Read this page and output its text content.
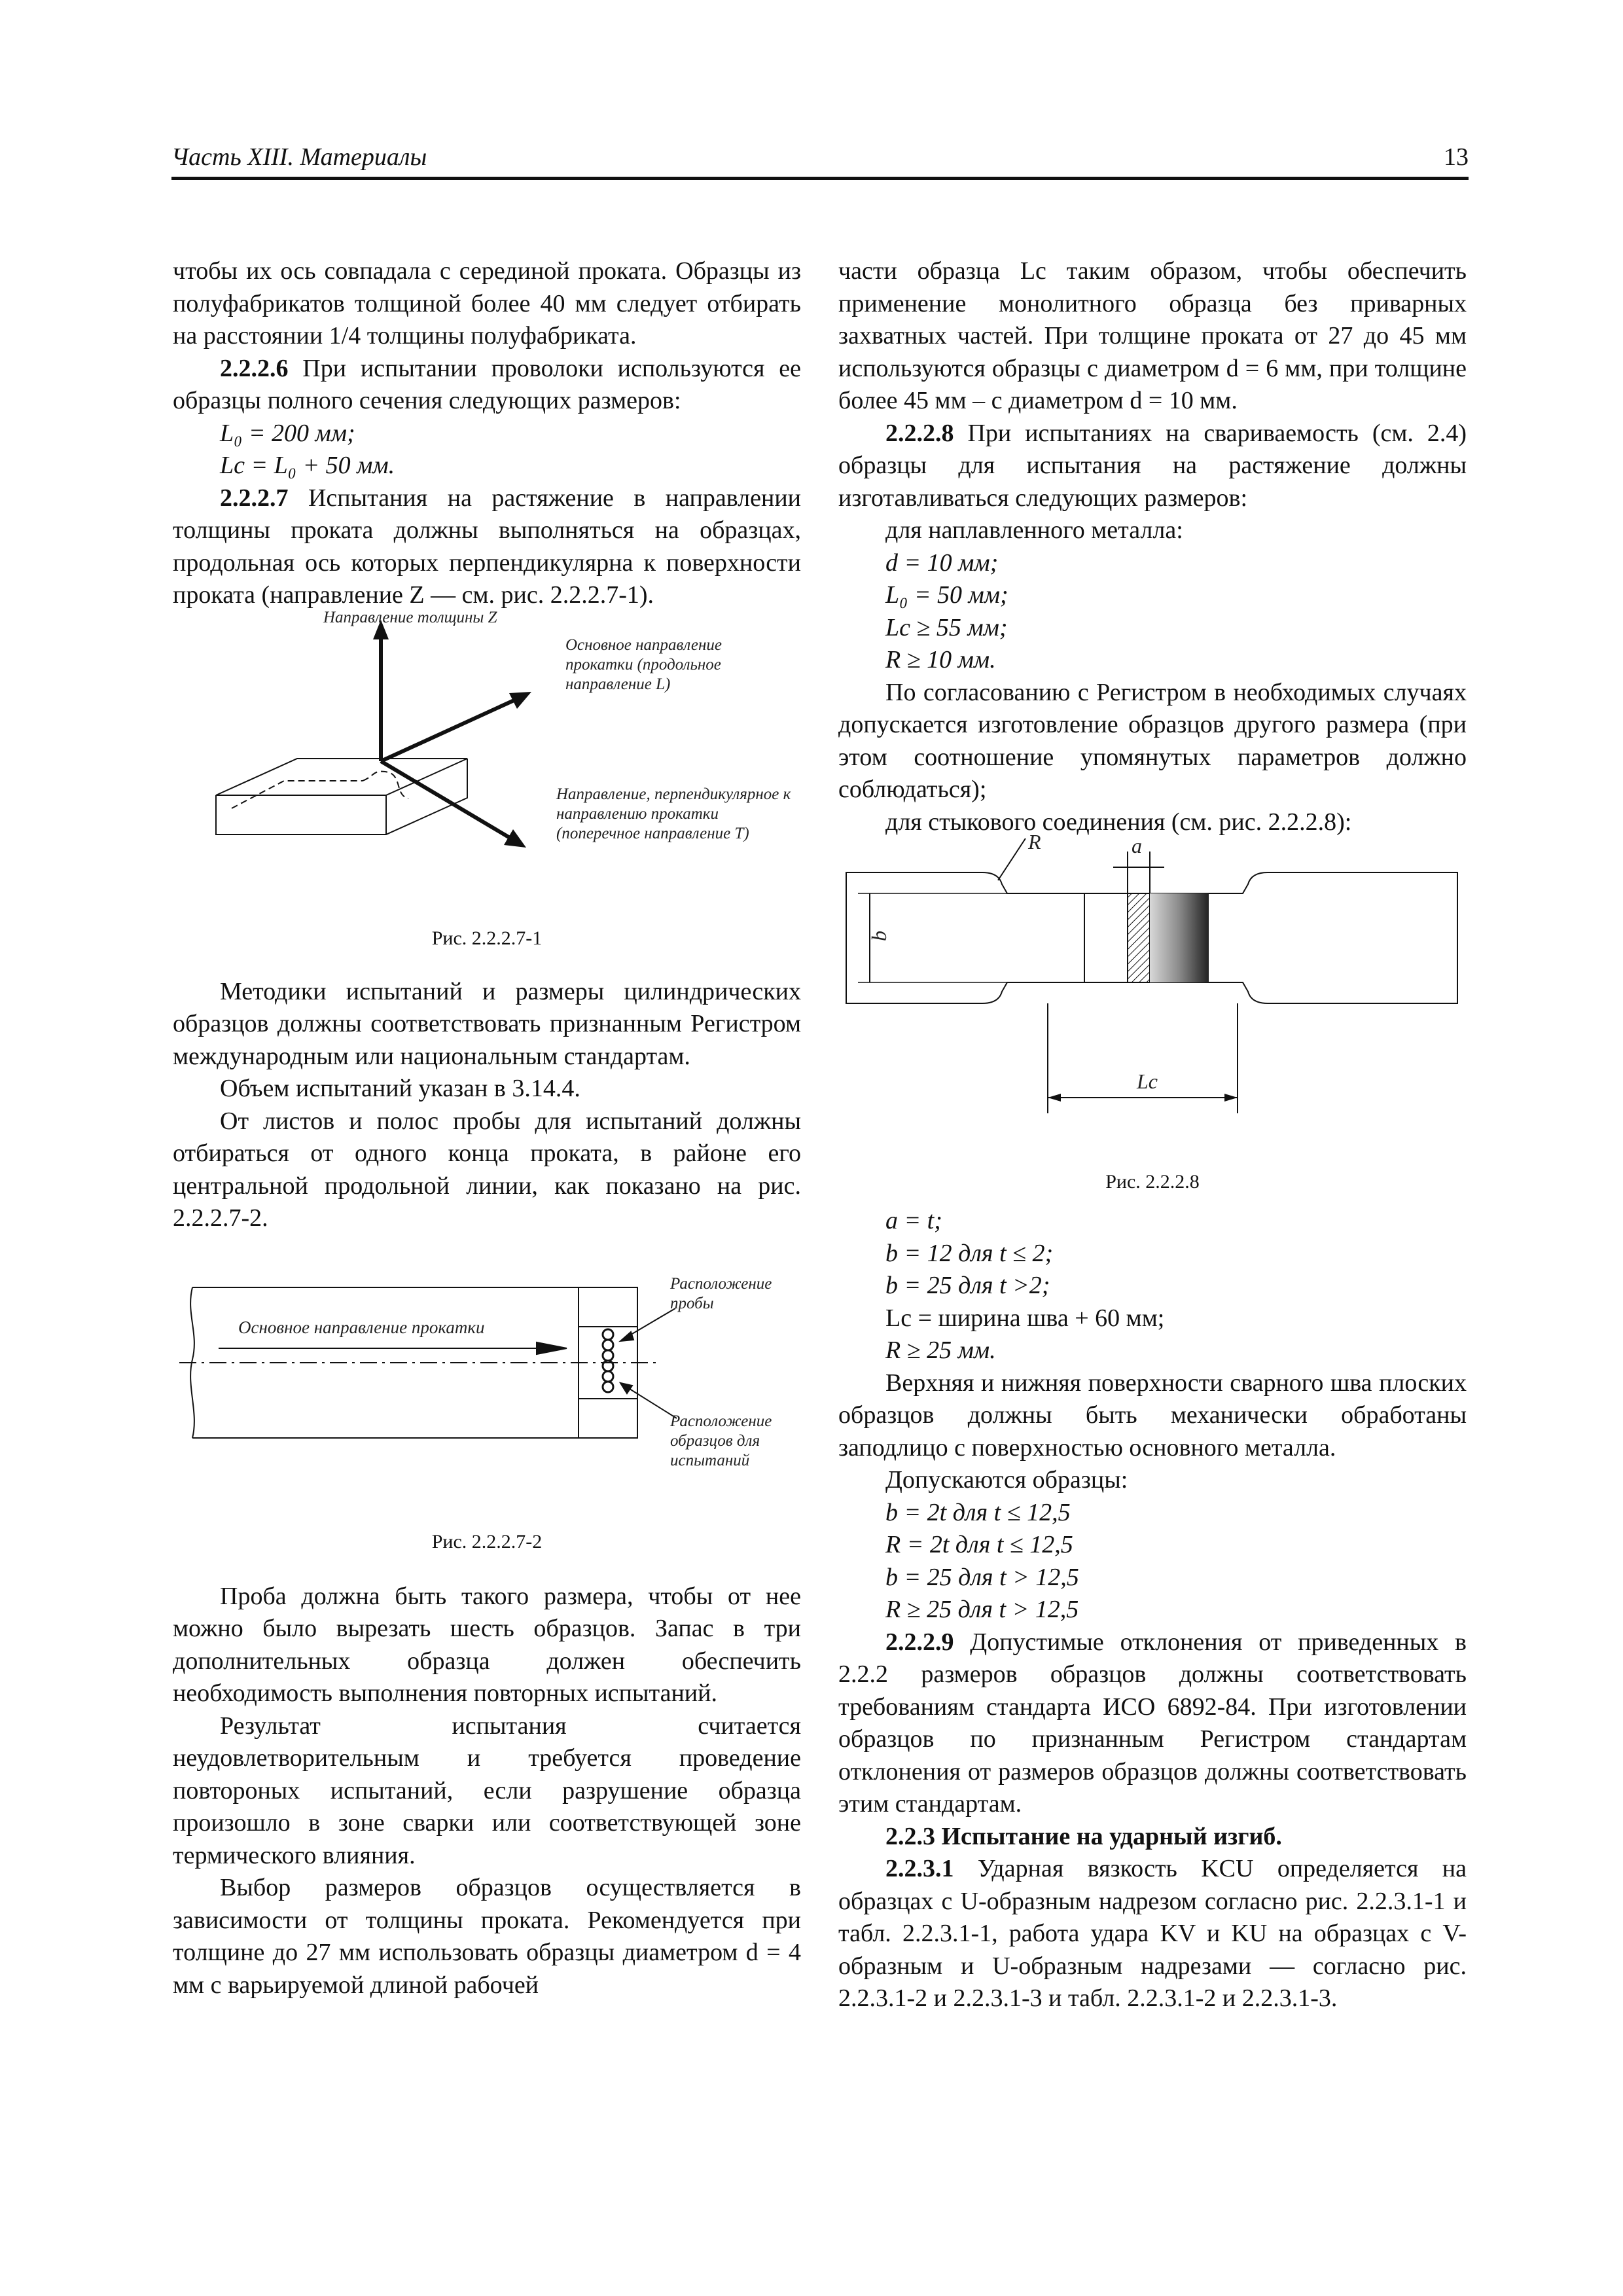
Часть XIII. Материалы	13

чтобы их ось совпадала с серединой проката. Образцы из полуфабрикатов толщиной более 40 мм следует отбирать на расстоянии 1/4 толщины полуфабриката.

2.2.2.6 При испытании проволоки используются ее образцы полного сечения следующих размеров:

L₀ = 200 мм;

Lc = L₀ + 50 мм.

2.2.2.7 Испытания на растяжение в направлении толщины проката должны выполняться на образцах, продольная ось которых перпендикулярна к поверхности проката (направление Z — см. рис. 2.2.2.7-1).

Направление толщины Z
Основное направление прокатки (продольное направление L)
Направление, перпендикулярное к направлению прокатки (поперечное направление T)
Рис. 2.2.2.7-1

Методики испытаний и размеры цилиндрических образцов должны соответствовать признанным Регистром международным или национальным стандартам.

Объем испытаний указан в 3.14.4.

От листов и полос пробы для испытаний должны отбираться от одного конца проката, в районе его центральной продольной линии, как показано на рис. 2.2.2.7-2.

Основное направление прокатки
Расположение пробы
Расположение образцов для испытаний
Рис. 2.2.2.7-2

Проба должна быть такого размера, чтобы от нее можно было вырезать шесть образцов. Запас в три дополнительных образца должен обеспечить необходимость выполнения повторных испытаний.

Результат испытания считается неудовлетворительным и требуется проведение повтороных испытаний, если разрушение образца произошло в зоне сварки или соответствующей зоне термического влияния.

Выбор размеров образцов осуществляется в зависимости от толщины проката. Рекомендуется при толщине до 27 мм использовать образцы диаметром d = 4 мм с варьируемой длиной рабочей

части образца Lc таким образом, чтобы обеспечить применение монолитного образца без приварных захватных частей. При толщине проката от 27 до 45 мм используются образцы с диаметром d = 6 мм, при толщине более 45 мм – с диаметром d = 10 мм.

2.2.2.8 При испытаниях на свариваемость (см. 2.4) образцы для испытания на растяжение должны изготавливаться следующих размеров:

для наплавленного металла:

d = 10 мм;

L₀ = 50 мм;

Lc ≥ 55 мм;

R ≥ 10 мм.

По согласованию с Регистром в необходимых случаях допускается изготовление образцов другого размера (при этом соотношение упомянутых параметров должно соблюдаться);

для стыкового соединения (см. рис. 2.2.2.8):

R	a
b
Lc
Рис. 2.2.2.8

a = t;

b = 12 для t ≤ 2;

b = 25 для t >2;

Lc = ширина шва + 60 мм;

R ≥ 25 мм.

Верхняя и нижняя поверхности сварного шва плоских образцов должны быть механически обработаны заподлицо с поверхностью основного металла.

Допускаются образцы:

b = 2t для t ≤ 12,5

R = 2t для t ≤ 12,5

b = 25 для t > 12,5

R ≥ 25 для t > 12,5

2.2.2.9 Допустимые отклонения от приведенных в 2.2.2 размеров образцов должны соответствовать требованиям стандарта ИСО 6892-84. При изготовлении образцов по признанным Регистром стандартам отклонения от размеров образцов должны соответствовать этим стандартам.

2.2.3 Испытание на ударный изгиб.

2.2.3.1 Ударная вязкость KCU определяется на образцах с U-образным надрезом согласно рис. 2.2.3.1-1 и табл. 2.2.3.1-1, работа удара KV и KU на образцах с V-образным и U-образным надрезами — согласно рис. 2.2.3.1-2 и 2.2.3.1-3 и табл. 2.2.3.1-2 и 2.2.3.1-3.
